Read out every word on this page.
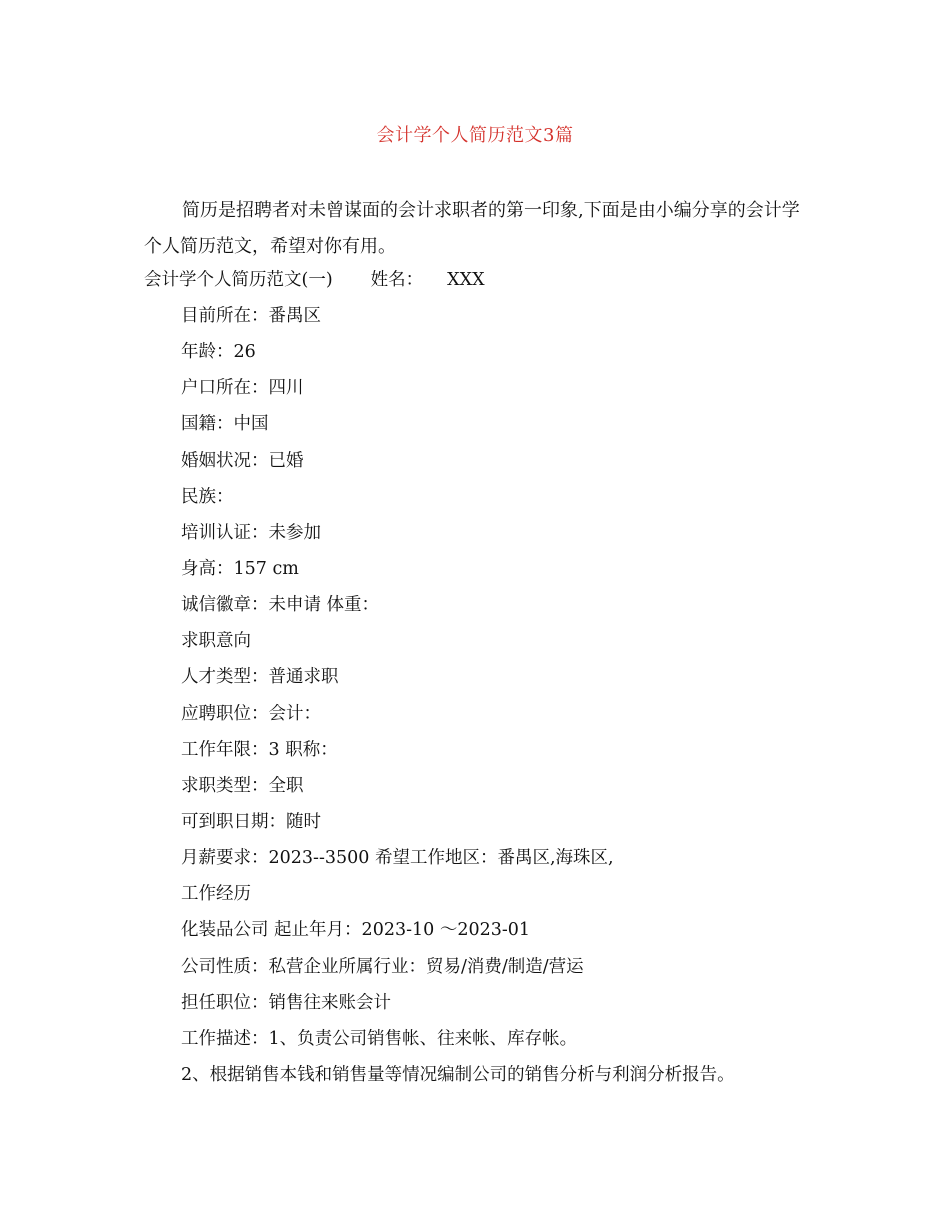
会计学个人简历范文3篇

简历是招聘者对未曾谋面的会计求职者的第一印象,下面是由小编分享的会计学个人简历范文，希望对你有用。

会计学个人简历范文(一) 姓名： XXX
目前所在：番禺区
年龄：26
户口所在：四川
国籍：中国
婚姻状况：已婚
民族：
培训认证：未参加
身高：157 cm
诚信徽章：未申请 体重：
求职意向
人才类型：普通求职
应聘职位：会计：
工作年限：3 职称：
求职类型：全职
可到职日期：随时
月薪要求：2023--3500 希望工作地区：番禺区,海珠区,
工作经历
化装品公司 起止年月：2023-10 ～2023-01
公司性质：私营企业所属行业：贸易/消费/制造/营运
担任职位：销售往来账会计
工作描述：1、负责公司销售帐、往来帐、库存帐。
2、根据销售本钱和销售量等情况编制公司的销售分析与利润分析报告。
